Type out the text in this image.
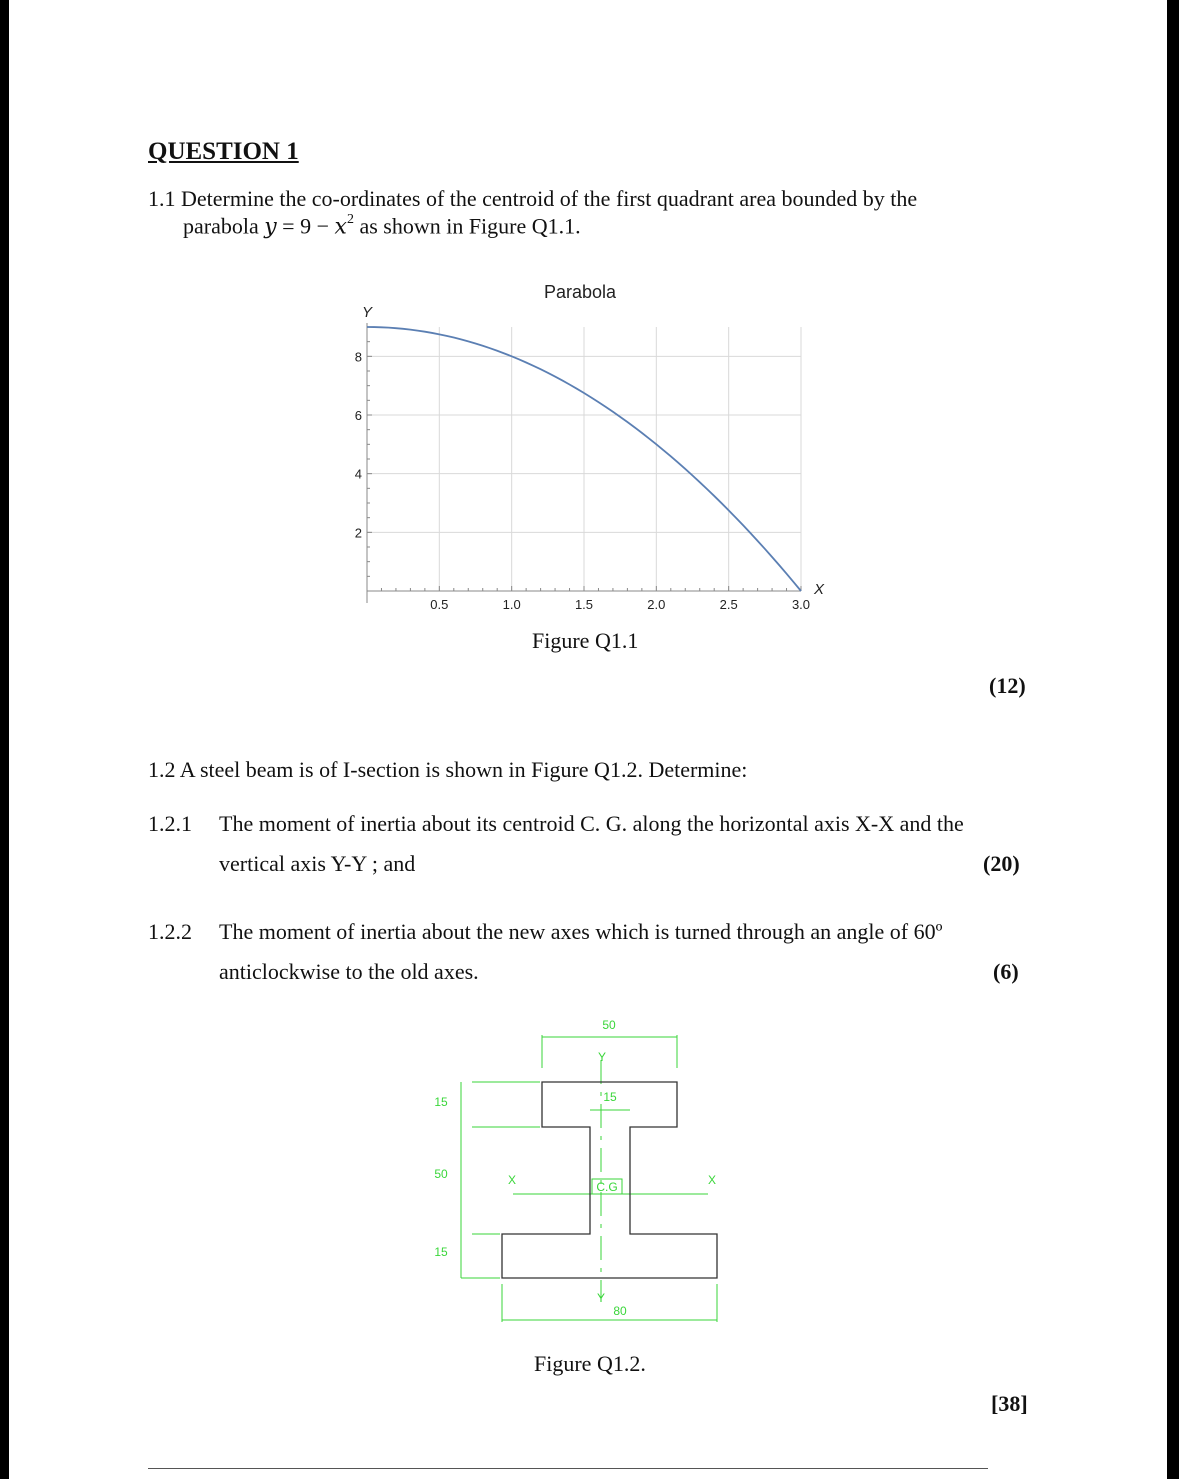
QUESTION 1
1.1 Determine the co-ordinates of the centroid of the first quadrant area bounded by the
parabola $y = 9 - x^2$ as shown in Figure Q1.1.
Parabola
Y
X
0.5	1.0	1.5	2.0	2.5	3.0
2
4
6
8
Figure Q1.1
(12)
1.2 A steel beam is of I-section is shown in Figure Q1.2. Determine:
1.2.1 The moment of inertia about its centroid C. G. along the horizontal axis X-X and the
vertical axis Y-Y ; and	(20)
1.2.2 The moment of inertia about the new axes which is turned through an angle of 60º
anticlockwise to the old axes.	(6)
50
15
80
15
50
15
X	X
Y
Y
C.G
Figure Q1.2.
[38]
